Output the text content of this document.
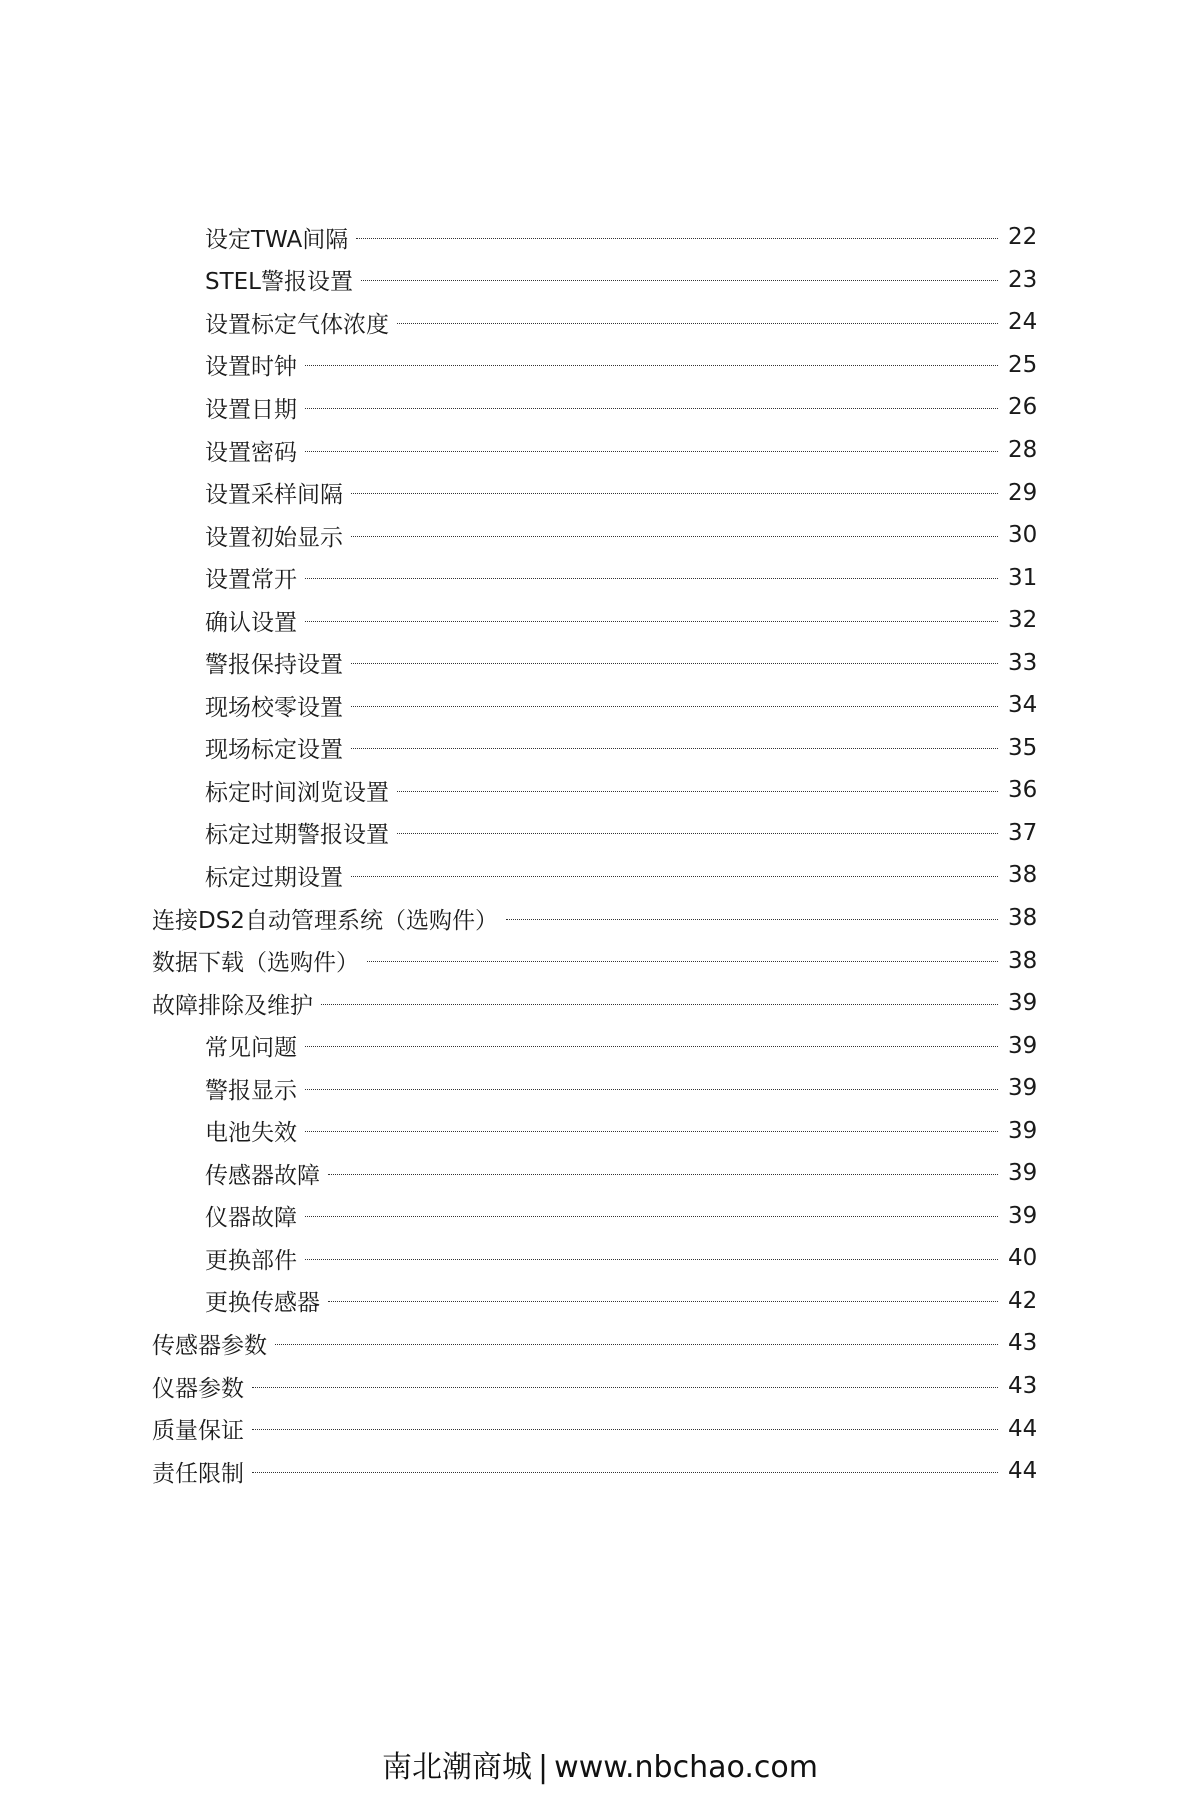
设定TWA间隔	22
STEL警报设置	23
设置标定气体浓度	24
设置时钟	25
设置日期	26
设置密码	28
设置采样间隔	29
设置初始显示	30
设置常开	31
确认设置	32
警报保持设置	33
现场校零设置	34
现场标定设置	35
标定时间浏览设置	36
标定过期警报设置	37
标定过期设置	38
连接DS2自动管理系统（选购件）	38
数据下载（选购件）	38
故障排除及维护	39
常见问题	39
警报显示	39
电池失效	39
传感器故障	39
仪器故障	39
更换部件	40
更换传感器	42
传感器参数	43
仪器参数	43
质量保证	44
责任限制	44
南北潮商城 | www.nbchao.com
